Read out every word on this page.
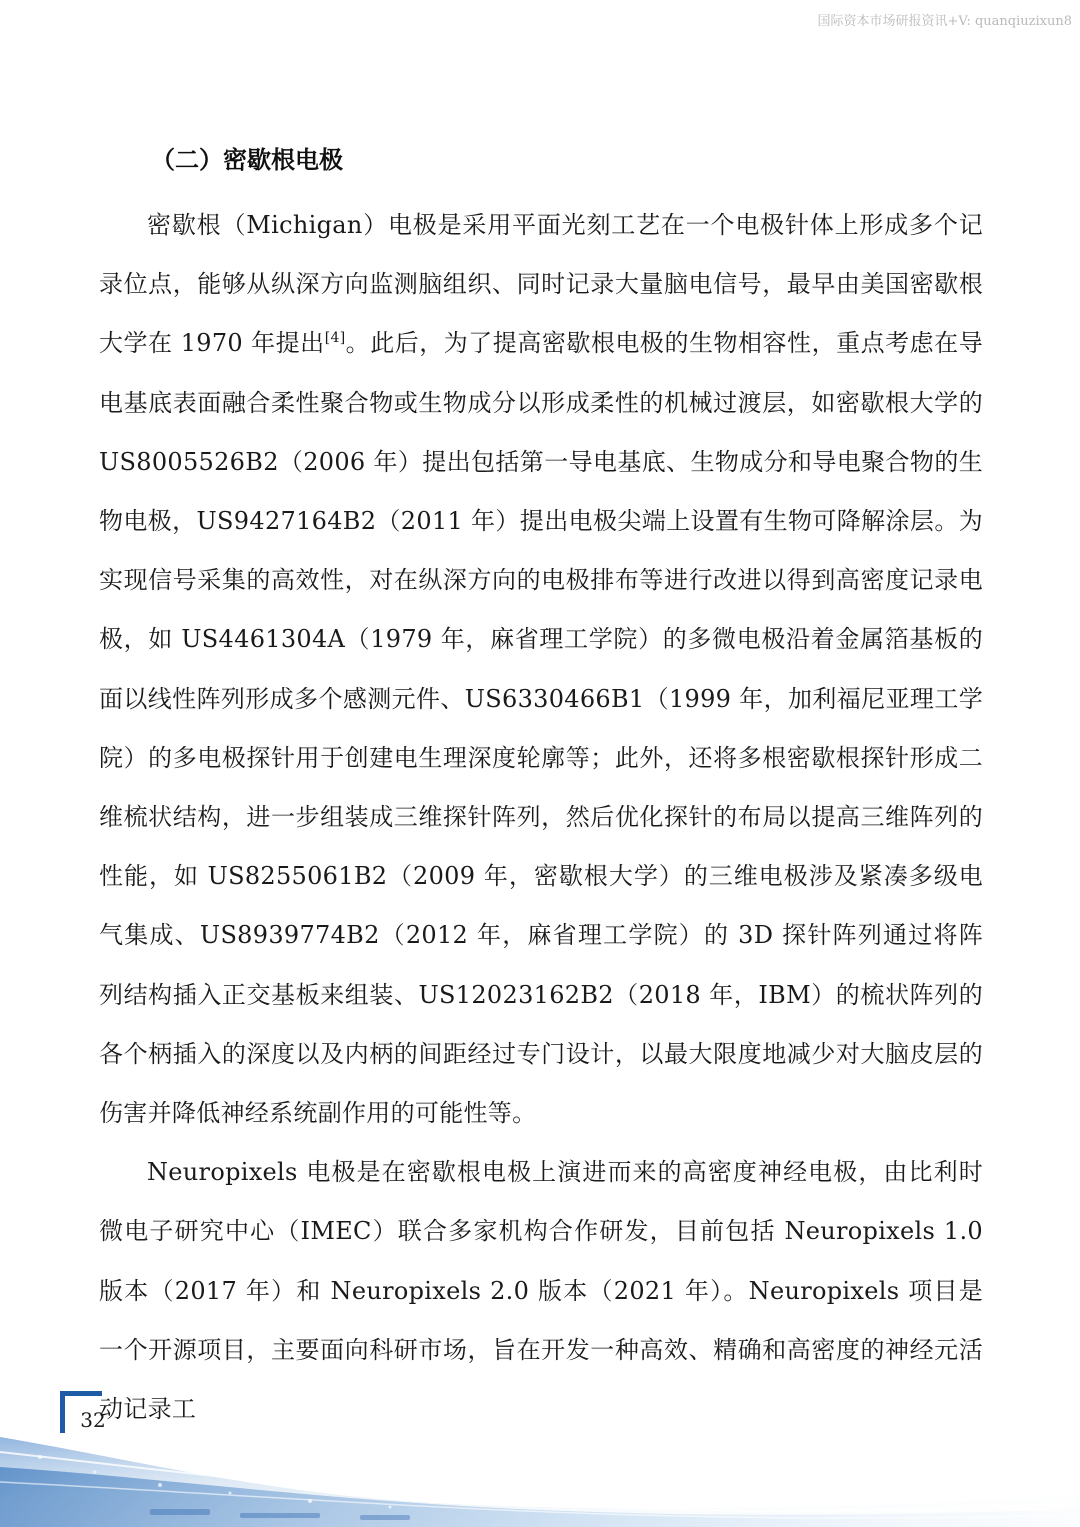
国际资本市场研报资讯+V: quanqiuzixun8
（二）密歇根电极

密歇根（Michigan）电极是采用平面光刻工艺在一个电极针体上形成多个记录位点，能够从纵深方向监测脑组织、同时记录大量脑电信号，最早由美国密歇根大学在 1970 年提出[4]。此后，为了提高密歇根电极的生物相容性，重点考虑在导电基底表面融合柔性聚合物或生物成分以形成柔性的机械过渡层，如密歇根大学的 US8005526B2（2006 年）提出包括第一导电基底、生物成分和导电聚合物的生物电极，US9427164B2（2011 年）提出电极尖端上设置有生物可降解涂层。为实现信号采集的高效性，对在纵深方向的电极排布等进行改进以得到高密度记录电极，如 US4461304A（1979 年，麻省理工学院）的多微电极沿着金属箔基板的面以线性阵列形成多个感测元件、US6330466B1（1999 年，加利福尼亚理工学院）的多电极探针用于创建电生理深度轮廓等；此外，还将多根密歇根探针形成二维梳状结构，进一步组装成三维探针阵列，然后优化探针的布局以提高三维阵列的性能，如 US8255061B2（2009 年，密歇根大学）的三维电极涉及紧凑多级电气集成、US8939774B2（2012 年，麻省理工学院）的 3D 探针阵列通过将阵列结构插入正交基板来组装、US12023162B2（2018 年，IBM）的梳状阵列的各个柄插入的深度以及内柄的间距经过专门设计，以最大限度地减少对大脑皮层的伤害并降低神经系统副作用的可能性等。

Neuropixels 电极是在密歇根电极上演进而来的高密度神经电极，由比利时微电子研究中心（IMEC）联合多家机构合作研发，目前包括 Neuropixels 1.0 版本（2017 年）和 Neuropixels 2.0 版本（2021 年）。Neuropixels 项目是一个开源项目，主要面向科研市场，旨在开发一种高效、精确和高密度的神经元活动记录工

32
